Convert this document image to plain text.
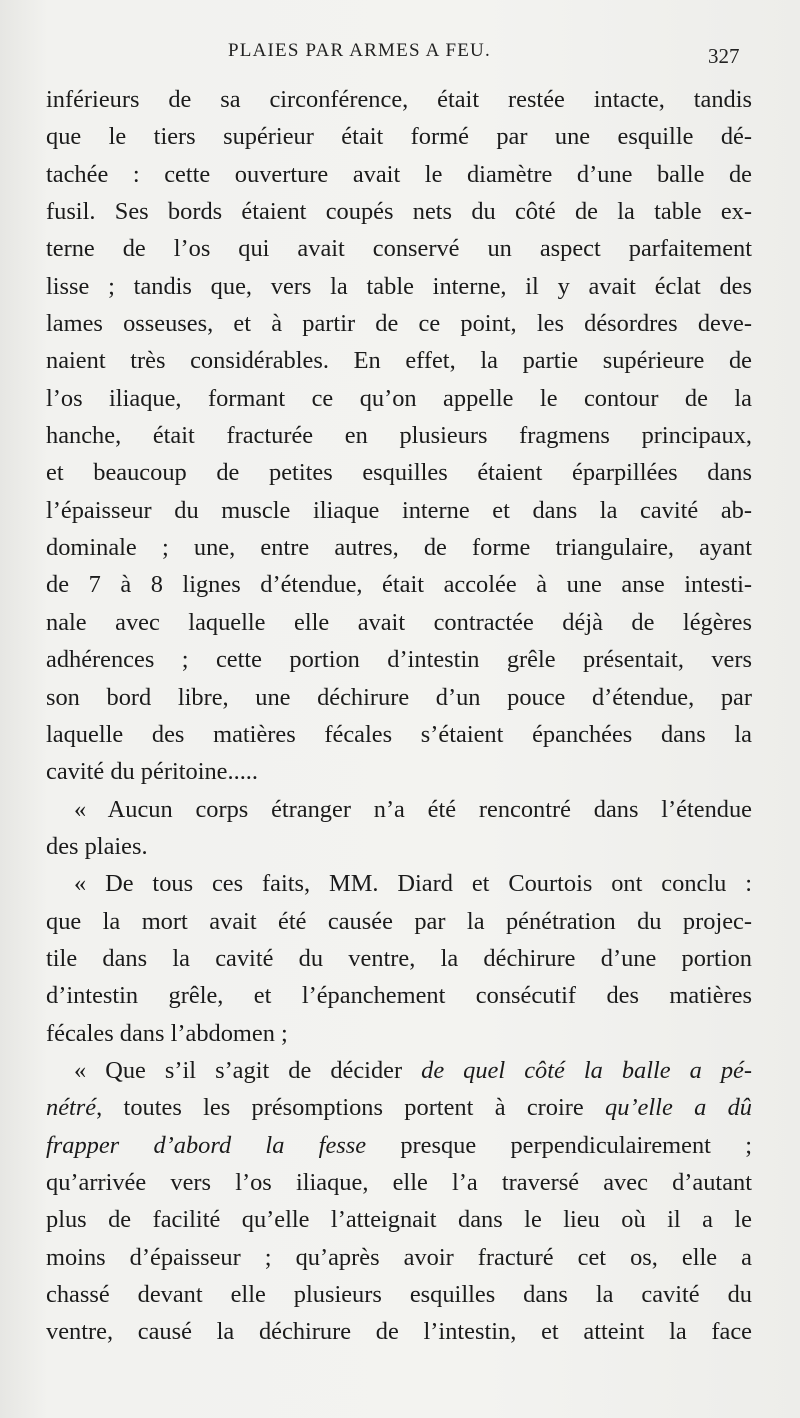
PLAIES PAR ARMES A FEU.	327
inférieurs de sa circonférence, était restée intacte, tandis
que le tiers supérieur était formé par une esquille dé-
tachée : cette ouverture avait le diamètre d’une balle de
fusil. Ses bords étaient coupés nets du côté de la table ex-
terne de l’os qui avait conservé un aspect parfaitement
lisse ; tandis que, vers la table interne, il y avait éclat des
lames osseuses, et à partir de ce point, les désordres deve-
naient très considérables. En effet, la partie supérieure de
l’os iliaque, formant ce qu’on appelle le contour de la
hanche, était fracturée en plusieurs fragmens principaux,
et beaucoup de petites esquilles étaient éparpillées dans
l’épaisseur du muscle iliaque interne et dans la cavité ab-
dominale ; une, entre autres, de forme triangulaire, ayant
de 7 à 8 lignes d’étendue, était accolée à une anse intesti-
nale avec laquelle elle avait contractée déjà de légères
adhérences ; cette portion d’intestin grêle présentait, vers
son bord libre, une déchirure d’un pouce d’étendue, par
laquelle des matières fécales s’étaient épanchées dans la
cavité du péritoine.....
« Aucun corps étranger n’a été rencontré dans l’étendue
des plaies.
« De tous ces faits, MM. Diard et Courtois ont conclu :
que la mort avait été causée par la pénétration du projec-
tile dans la cavité du ventre, la déchirure d’une portion
d’intestin grêle, et l’épanchement consécutif des matières
fécales dans l’abdomen ;
« Que s’il s’agit de décider de quel côté la balle a pé-
nétré, toutes les présomptions portent à croire qu’elle a dû
frapper d’abord la fesse presque perpendiculairement ;
qu’arrivée vers l’os iliaque, elle l’a traversé avec d’autant
plus de facilité qu’elle l’atteignait dans le lieu où il a le
moins d’épaisseur ; qu’après avoir fracturé cet os, elle a
chassé devant elle plusieurs esquilles dans la cavité du
ventre, causé la déchirure de l’intestin, et atteint la face
